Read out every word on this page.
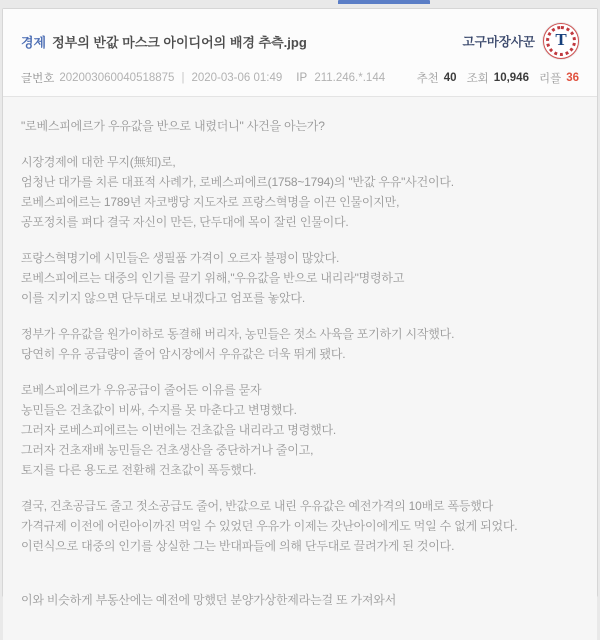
경제 정부의 반값 마스크 아이디어의 배경 추측.jpg	고구마장사꾼 T
글번호 202003060040518875 | 2020-03-06 01:49 IP 211.246.*.144	추천 40 조회 10,946 리플 36
"로베스피에르가 우유값을 반으로 내렸더니" 사건을 아는가?
시장경제에 대한 무지(無知)로,
엄청난 대가를 치른 대표적 사례가, 로베스피에르(1758~1794)의 "반값 우유"사건이다.
로베스피에르는 1789년 자코뱅당 지도자로 프랑스혁명을 이끈 인물이지만,
공포정치를 펴다 결국 자신이 만든, 단두대에 목이 잘린 인물이다.
프랑스혁명기에 시민들은 생필품 가격이 오르자 불평이 많았다.
로베스피에르는 대중의 인기를 끌기 위해,"우유값을 반으로 내리라"명령하고
이를 지키지 않으면 단두대로 보내겠다고 엄포를 놓았다.
정부가 우유값을 원가이하로 동결해 버리자, 농민들은 젓소 사육을 포기하기 시작했다.
당연히 우유 공급량이 줄어 암시장에서 우유값은 더욱 뛰게 됐다.
로베스피에르가 우유공급이 줄어든 이유를 묻자
농민들은 건초값이 비싸, 수지를 못 마춘다고 변명했다.
그러자 로베스피에르는 이번에는 건초값을 내리라고 명령했다.
그러자 건초재배 농민들은 건초생산을 중단하거나 줄이고,
토지를 다른 용도로 전환해 건초값이 폭등했다.
결국, 건초공급도 줄고 젓소공급도 줄어, 반값으로 내린 우유값은 예전가격의 10배로 폭등했다
가격규제 이전에 어린아이까진 먹일 수 있었던 우유가 이제는 갓난아이에게도 먹일 수 없게 되었다.
이런식으로 대중의 인기를 상실한 그는 반대파들에 의해 단두대로 끌려가게 된 것이다.
이와 비슷하게 부동산에는 예전에 망했던 분양가상한제라는걸 또 가져와서
